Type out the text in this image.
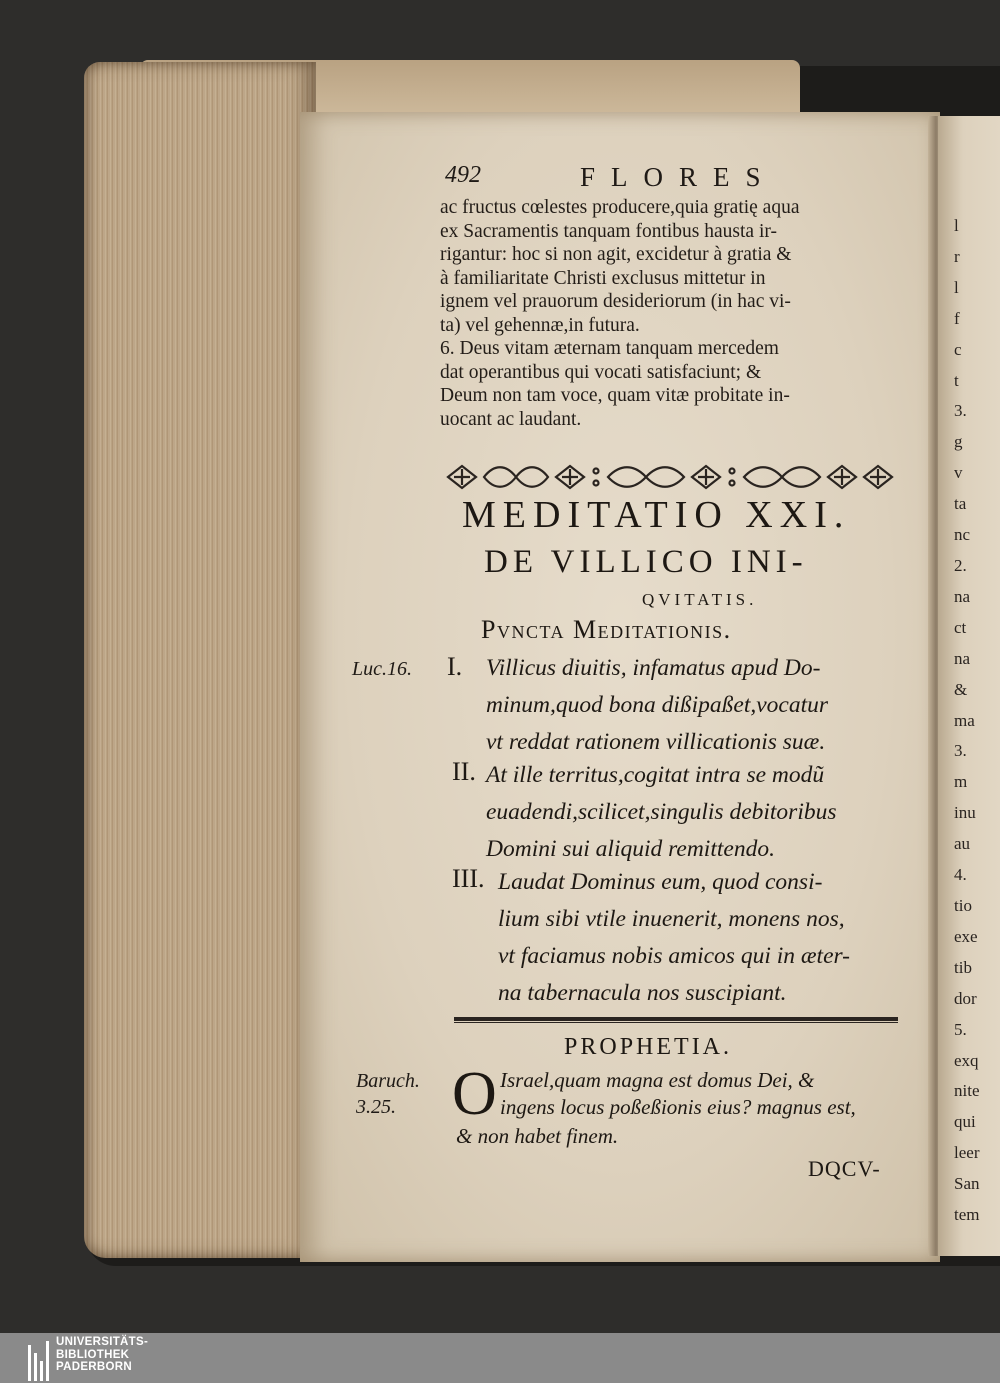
l
r
l
f
c
t
3.
g
v
ta
nc
2.
na
ct
na
&
ma
3.
m
inu
au
4.
tio
exe
tib
dor
5.
exq
nite
qui
leer
San
tem
492	FLORES
ac fructus cœlestes producere,quia gratię aqua
ex Sacramentis tanquam fontibus hausta ir-
rigantur: hoc si non agit, excidetur à gratia &
à familiaritate Christi exclusus mittetur in
ignem vel prauorum desideriorum (in hac vi-
ta) vel gehennæ,in futura.
6. Deus vitam æternam tanquam mercedem
dat operantibus qui vocati satisfaciunt; &
Deum non tam voce, quam vitæ probitate in-
uocant ac laudant.
MEDITATIO XXI.
DE VILLICO INI-
QVITATIS.
Pvncta Meditationis.
Luc.16. I. Villicus diuitis, infamatus apud Do-
minum,quod bona dißipaßet,vocatur
vt reddat rationem villicationis suæ.
II. At ille territus,cogitat intra se modũ
euadendi,scilicet,singulis debitoribus
Domini sui aliquid remittendo.
III. Laudat Dominus eum, quod consi-
lium sibi vtile inuenerit, monens nos,
vt faciamus nobis amicos qui in æter-
na tabernacula nos suscipiant.
PROPHETIA.
Baruch.
3.25. O Israel,quam magna est domus Dei, &
ingens locus poßeßionis eius? magnus est,
& non habet finem.
DQCV-
UNIVERSITÄTS-
BIBLIOTHEK
PADERBORN
